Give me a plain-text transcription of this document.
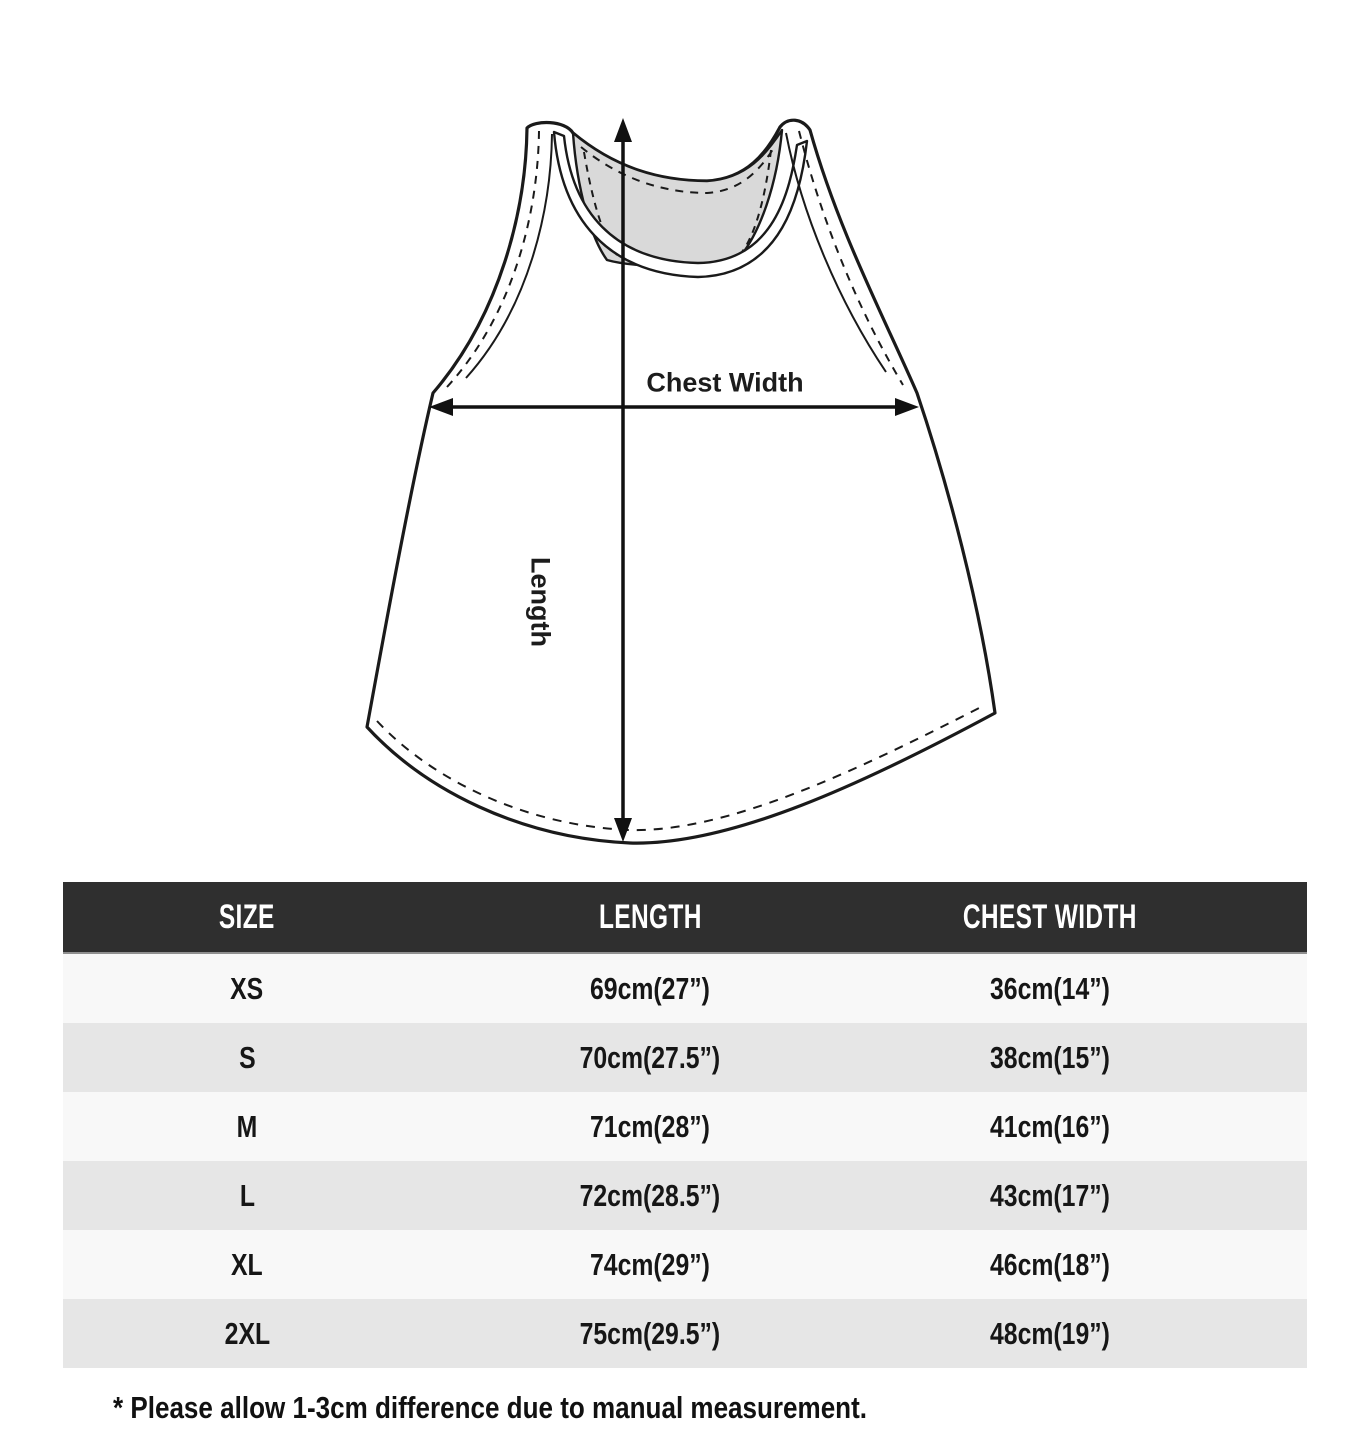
Chest Width
Length
SIZE	LENGTH	CHEST WIDTH
XS	69cm(27”)	36cm(14”)
S	70cm(27.5”)	38cm(15”)
M	71cm(28”)	41cm(16”)
L	72cm(28.5”)	43cm(17”)
XL	74cm(29”)	46cm(18”)
2XL	75cm(29.5”)	48cm(19”)
* Please allow 1-3cm difference due to manual measurement.
